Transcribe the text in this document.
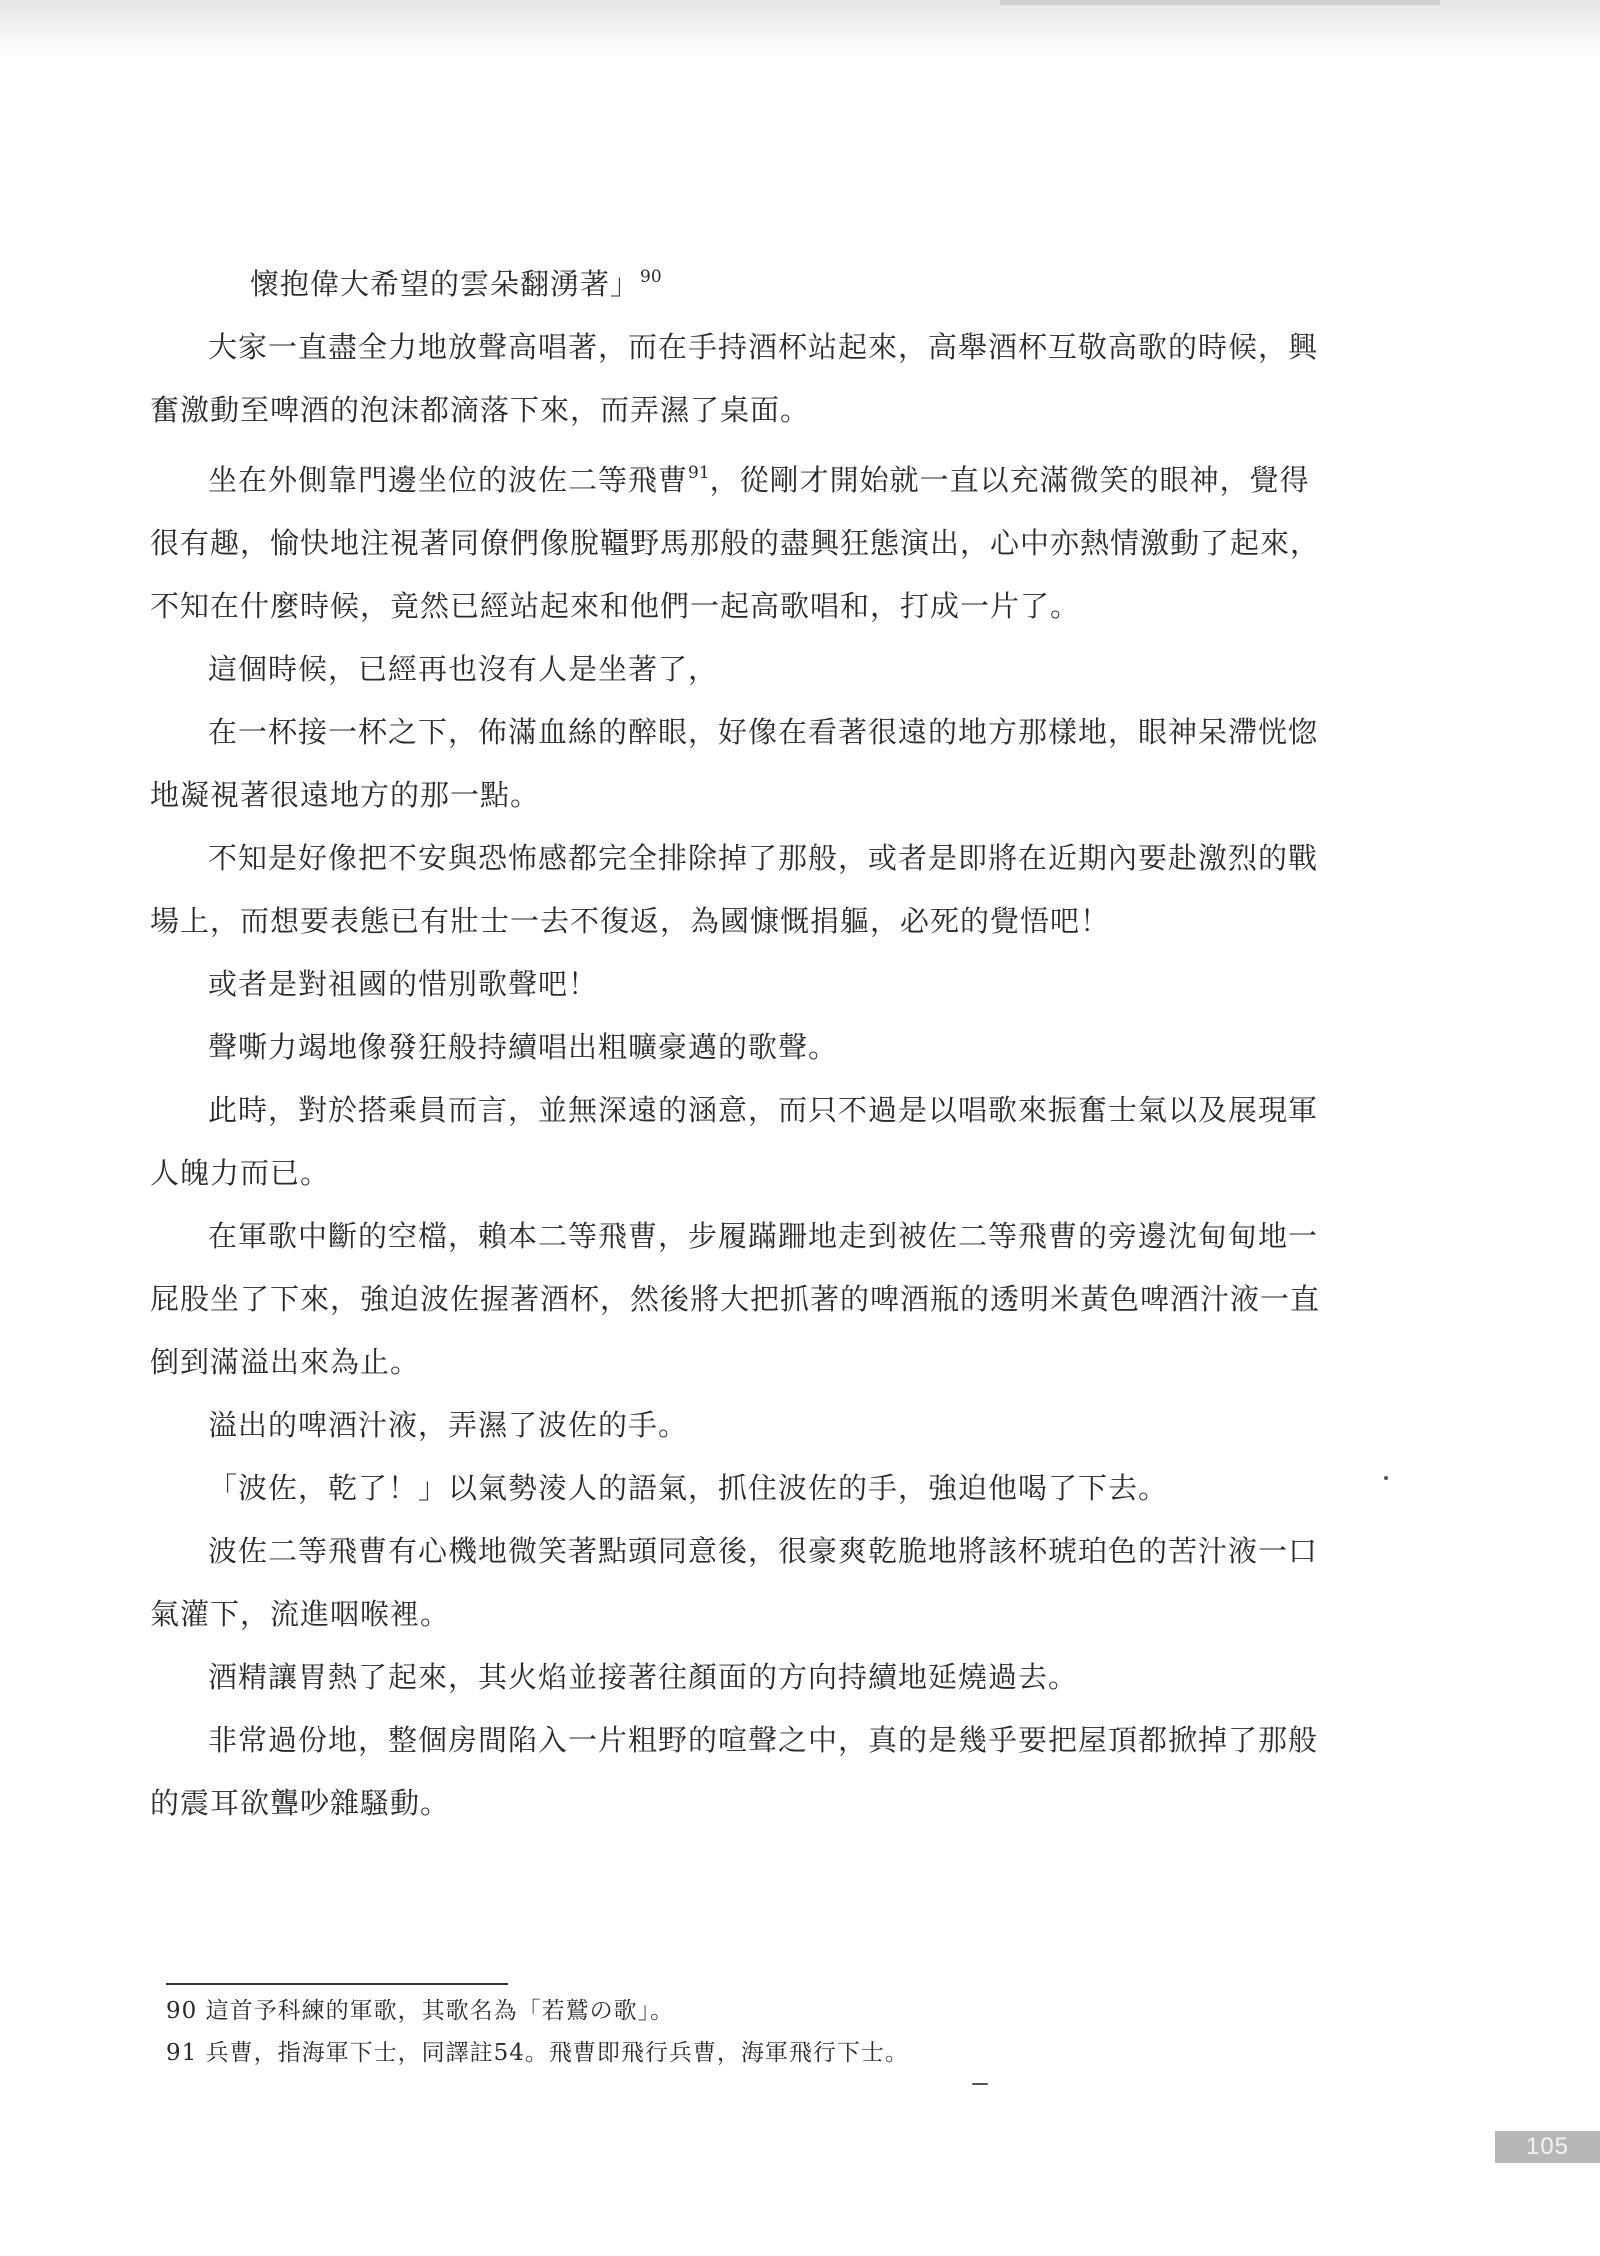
懷抱偉大希望的雲朵翻湧著」$^{90}$

大家一直盡全力地放聲高唱著，而在手持酒杯站起來，高舉酒杯互敬高歌的時候，興奮激動至啤酒的泡沫都滴落下來，而弄濕了桌面。

坐在外側靠門邊坐位的波佐二等飛曹$^{91}$，從剛才開始就一直以充滿微笑的眼神，覺得很有趣，愉快地注視著同僚們像脫韁野馬那般的盡興狂態演出，心中亦熱情激動了起來，不知在什麼時候，竟然已經站起來和他們一起高歌唱和，打成一片了。

這個時候，已經再也沒有人是坐著了，

在一杯接一杯之下，佈滿血絲的醉眼，好像在看著很遠的地方那樣地，眼神呆滯恍惚地凝視著很遠地方的那一點。

不知是好像把不安與恐怖感都完全排除掉了那般，或者是即將在近期內要赴激烈的戰場上，而想要表態已有壯士一去不復返，為國慷慨捐軀，必死的覺悟吧！

或者是對祖國的惜別歌聲吧！

聲嘶力竭地像發狂般持續唱出粗曠豪邁的歌聲。

此時，對於搭乘員而言，並無深遠的涵意，而只不過是以唱歌來振奮士氣以及展現軍人魄力而已。

在軍歌中斷的空檔，賴本二等飛曹，步履蹣跚地走到被佐二等飛曹的旁邊沈甸甸地一屁股坐了下來，強迫波佐握著酒杯，然後將大把抓著的啤酒瓶的透明米黃色啤酒汁液一直倒到滿溢出來為止。

溢出的啤酒汁液，弄濕了波佐的手。

「波佐，乾了！」以氣勢淩人的語氣，抓住波佐的手，強迫他喝了下去。

波佐二等飛曹有心機地微笑著點頭同意後，很豪爽乾脆地將該杯琥珀色的苦汁液一口氣灌下，流進咽喉裡。

酒精讓胃熱了起來，其火焰並接著往顏面的方向持續地延燒過去。

非常過份地，整個房間陷入一片粗野的喧聲之中，真的是幾乎要把屋頂都掀掉了那般的震耳欲聾吵雜騷動。

90 這首予科練的軍歌，其歌名為「若鷲の歌」。

91 兵曹，指海軍下士，同譯註54。飛曹即飛行兵曹，海軍飛行下士。

105
